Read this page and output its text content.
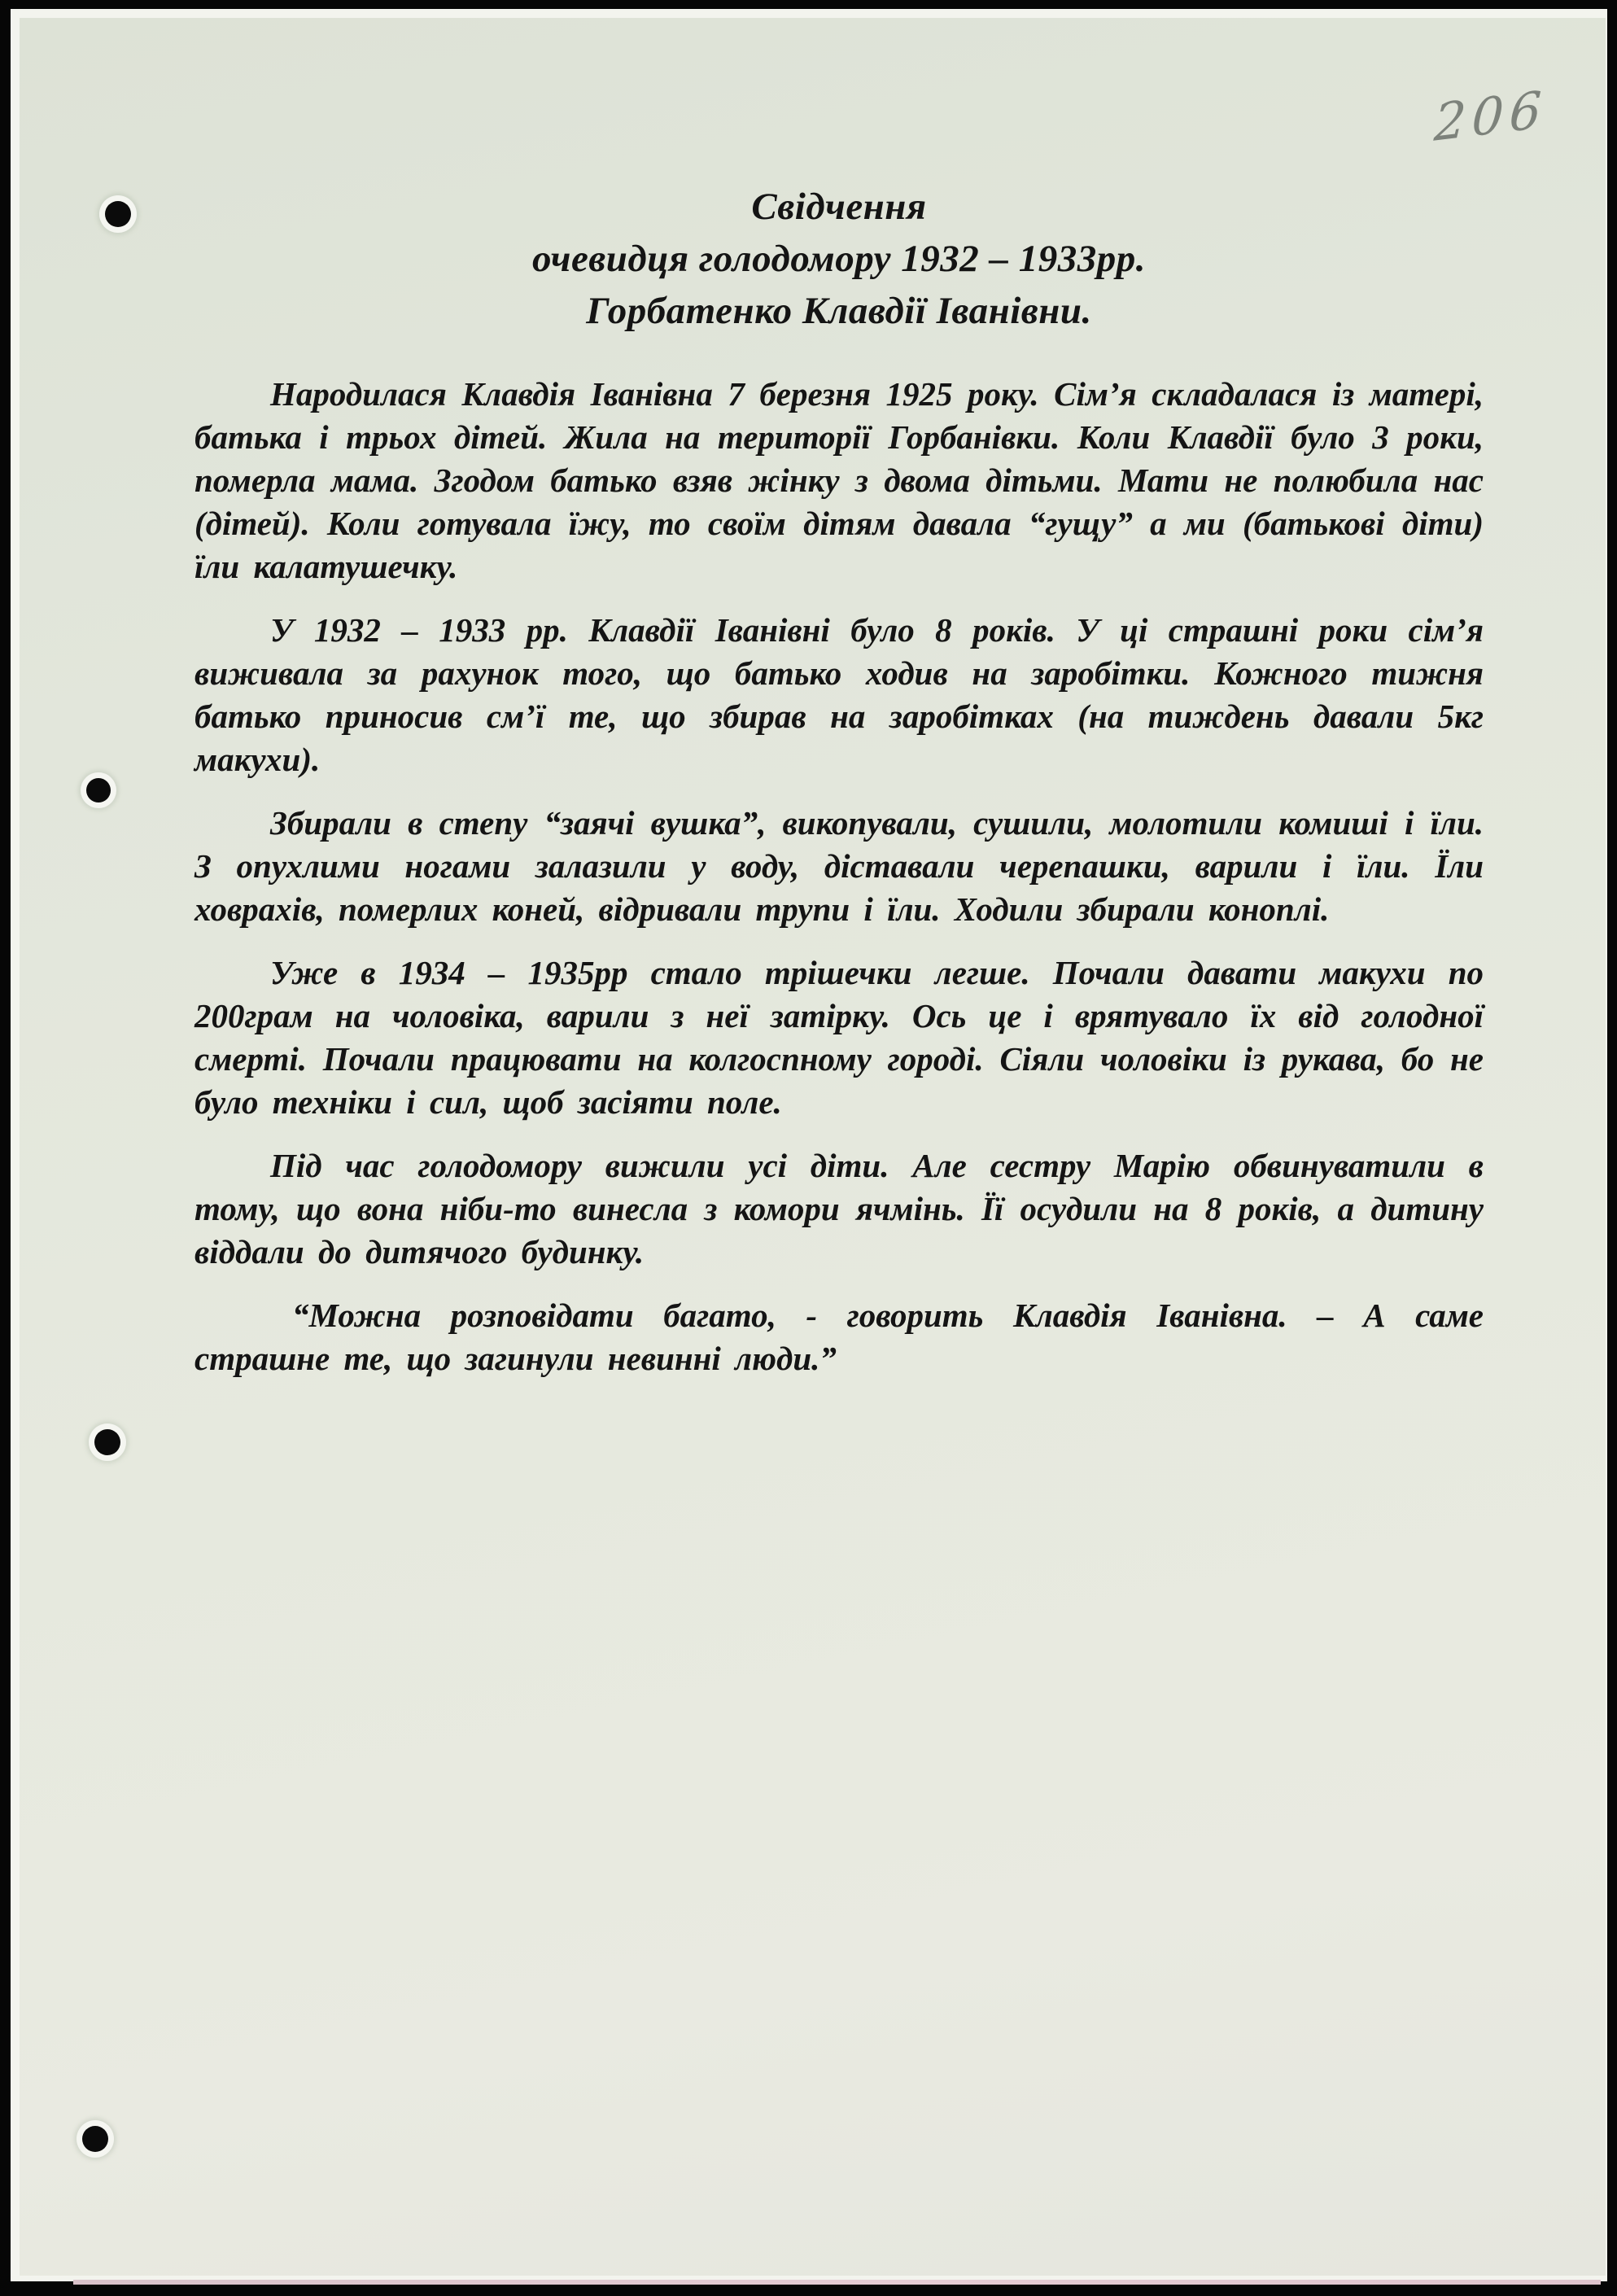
206
Свідчення
очевидця голодомору 1932 – 1933рр.
Горбатенко Клавдії Іванівни.

Народилася Клавдія Іванівна 7 березня 1925 року. Сім’я складалася із матері, батька і трьох дітей. Жила на території Горбанівки. Коли Клавдії було 3 роки, померла мама. Згодом батько взяв жінку з двома дітьми. Мати не полюбила нас (дітей). Коли готувала їжу, то своїм дітям давала “гущу” а ми (батькові діти) їли калатушечку.

У 1932 – 1933 рр. Клавдії Іванівні було 8 років. У ці страшні роки сім’я виживала за рахунок того, що батько ходив на заробітки. Кожного тижня батько приносив см’ї те, що збирав на заробітках (на тиждень давали 5кг макухи).

Збирали в степу “заячі вушка”, викопували, сушили, молотили комиші і їли. З опухлими ногами залазили у воду, діставали черепашки, варили і їли. Їли ховрахів, померлих коней, відривали трупи і їли. Ходили збирали коноплі.

Уже в 1934 – 1935рр стало трішечки легше. Почали давати макухи по 200грам на чоловіка, варили з неї затірку. Ось це і врятувало їх від голодної смерті. Почали працювати на колгоспному городі. Сіяли чоловіки із рукава, бо не було техніки і сил, щоб засіяти поле.

Під час голодомору вижили усі діти. Але сестру Марію обвинуватили в тому, що вона ніби-то винесла з комори ячмінь. Її осудили на 8 років, а дитину віддали до дитячого будинку.

“Можна розповідати багато, - говорить Клавдія Іванівна. – А саме страшне те, що загинули невинні люди.”
